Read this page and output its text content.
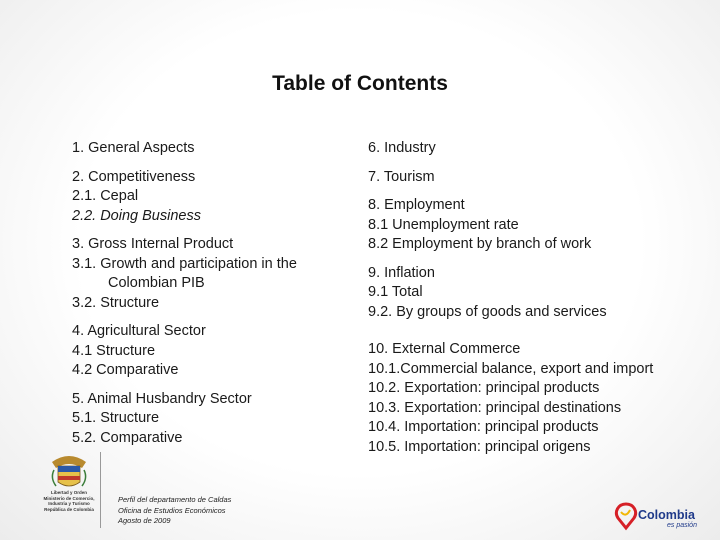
Table of Contents
1. General Aspects
2. Competitiveness
2.1. Cepal
2.2. Doing Business
3. Gross Internal Product
3.1. Growth and participation in the
Colombian PIB
3.2. Structure
4. Agricultural Sector
4.1 Structure
4.2 Comparative
5. Animal Husbandry Sector
5.1. Structure
5.2. Comparative
6. Industry
7. Tourism
8. Employment
8.1 Unemployment rate
8.2 Employment by branch of work
9. Inflation
9.1 Total
9.2. By groups of goods and services
10. External Commerce
10.1.Commercial balance, export and import
10.2. Exportation: principal products
10.3. Exportation: principal destinations
10.4. Importation: principal products
10.5. Importation: principal origens
Libertad y Orden
Ministerio de Comercio,
Industria y Turismo
República de Colombia
Perfil del departamento de Caldas
Oficina de Estudios Económicos
Agosto de 2009	Colombia
es pasión
